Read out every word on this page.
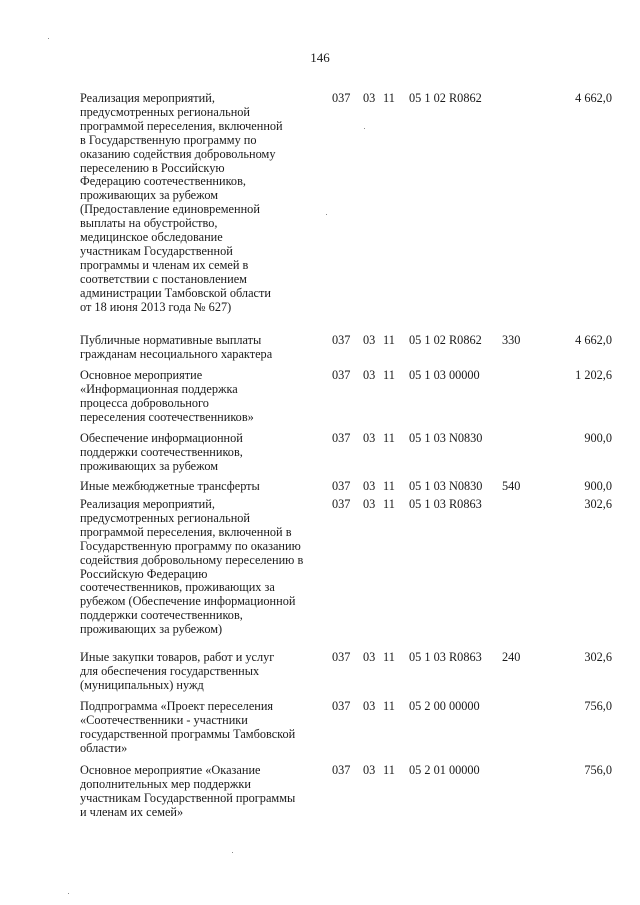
146
Реализация мероприятий,
предусмотренных региональной
программой переселения, включенной
в Государственную программу по
оказанию содействия добровольному
переселению в Российскую
Федерацию соотечественников,
проживающих за рубежом
(Предоставление единовременной
выплаты на обустройство,
медицинское обследование
участникам Государственной
программы и членам их семей в
соответствии с постановлением
администрации Тамбовской области
от 18 июня 2013 года № 627)
037 03 11 05 1 02 R0862	4 662,0
Публичные нормативные выплаты
гражданам несоциального характера
037 03 11 05 1 02 R0862 330	4 662,0
Основное мероприятие
«Информационная поддержка
процесса добровольного
переселения соотечественников»
037 03 11 05 1 03 00000	1 202,6
Обеспечение информационной
поддержки соотечественников,
проживающих за рубежом
037 03 11 05 1 03 N0830	900,0
Иные межбюджетные трансферты	037 03 11 05 1 03 N0830 540	900,0
Реализация мероприятий,
предусмотренных региональной
программой переселения, включенной в
Государственную программу по оказанию
содействия добровольному переселению в
Российскую Федерацию
соотечественников, проживающих за
рубежом (Обеспечение информационной
поддержки соотечественников,
проживающих за рубежом)
037 03 11 05 1 03 R0863	302,6
Иные закупки товаров, работ и услуг
для обеспечения государственных
(муниципальных) нужд
037 03 11 05 1 03 R0863 240	302,6
Подпрограмма «Проект переселения
«Соотечественники - участники
государственной программы Тамбовской
области»
037 03 11 05 2 00 00000	756,0
Основное мероприятие «Оказание
дополнительных мер поддержки
участникам Государственной программы
и членам их семей»
037 03 11 05 2 01 00000	756,0
